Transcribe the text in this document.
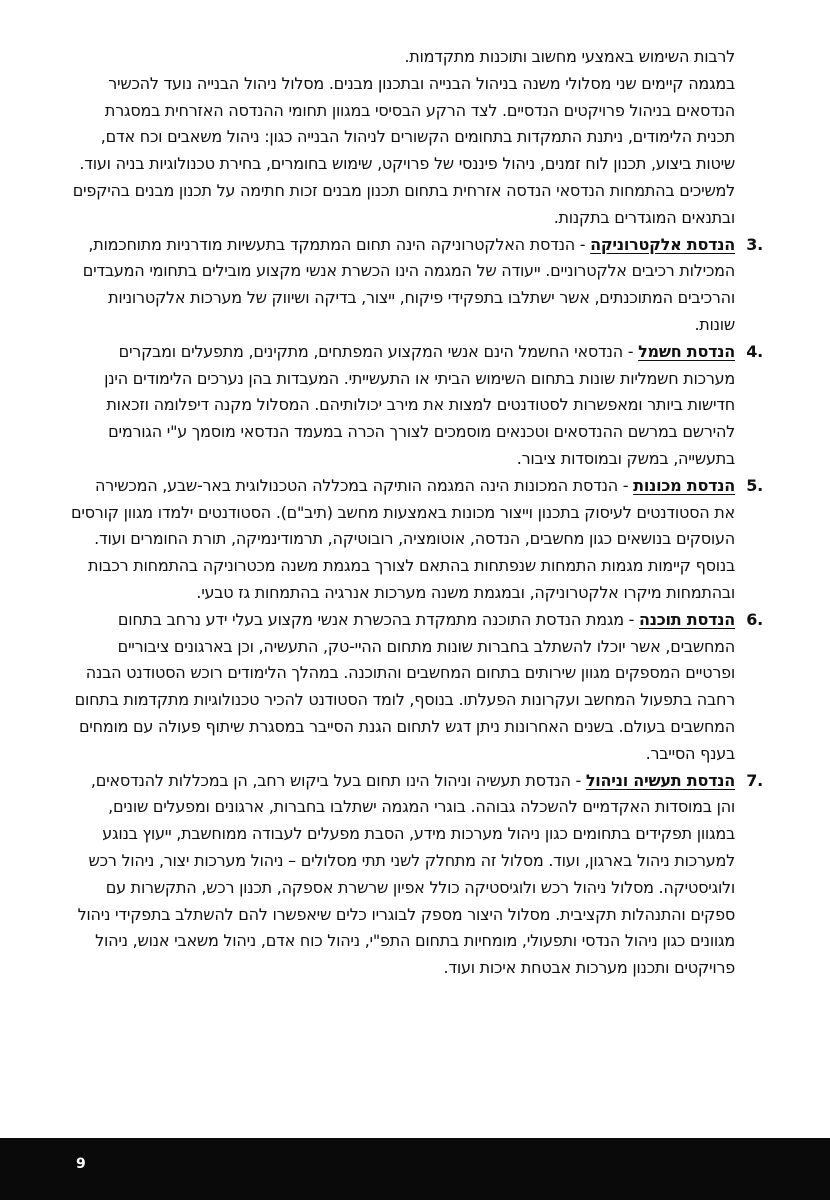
לרבות השימוש באמצעי מחשוב ותוכנות מתקדמות.

במגמה קיימים שני מסלולי משנה בניהול הבנייה ובתכנון מבנים. מסלול ניהול הבנייה נועד להכשיר הנדסאים בניהול פרויקטים הנדסיים. לצד הרקע הבסיסי במגוון תחומי ההנדסה האזרחית במסגרת תכנית הלימודים, ניתנת התמקדות בתחומים הקשורים לניהול הבנייה כגון: ניהול משאבים וכח אדם, שיטות ביצוע, תכנון לוח זמנים, ניהול פיננסי של פרויקט, שימוש בחומרים, בחירת טכנולוגיות בניה ועוד. למשיכים בהתמחות הנדסאי הנדסה אזרחית בתחום תכנון מבנים זכות חתימה על תכנון מבנים בהיקפים ובתנאים המוגדרים בתקנות.

3.
הנדסת אלקטרוניקה - הנדסת האלקטרוניקה הינה תחום המתמקד בתעשיות מודרניות מתוחכמות, המכילות רכיבים אלקטרוניים. ייעודה של המגמה הינו הכשרת אנשי מקצוע מובילים בתחומי המעבדים והרכיבים המתוכנתים, אשר ישתלבו בתפקידי פיקוח, ייצור, בדיקה ושיווק של מערכות אלקטרוניות שונות.
4.
הנדסת חשמל - הנדסאי החשמל הינם אנשי המקצוע המפתחים, מתקינים, מתפעלים ומבקרים מערכות חשמליות שונות בתחום השימוש הביתי או התעשייתי. המעבדות בהן נערכים הלימודים הינן חדישות ביותר ומאפשרות לסטודנטים למצות את מירב יכולותיהם. המסלול מקנה דיפלומה וזכאות להירשם במרשם ההנדסאים וטכנאים מוסמכים לצורך הכרה במעמד הנדסאי מוסמך ע"י הגורמים בתעשייה, במשק ובמוסדות ציבור.
5.
הנדסת מכונות - הנדסת המכונות הינה המגמה הותיקה במכללה הטכנולוגית באר-שבע, המכשירה את הסטודנטים לעיסוק בתכנון וייצור מכונות באמצעות מחשב (תיב"ם). הסטודנטים ילמדו מגוון קורסים העוסקים בנושאים כגון מחשבים, הנדסה, אוטומציה, רובוטיקה, תרמודינמיקה, תורת החומרים ועוד. בנוסף קיימות מגמות התמחות שנפתחות בהתאם לצורך במגמת משנה מכטרוניקה בהתמחות רכבות ובהתמחות מיקרו אלקטרוניקה, ובמגמת משנה מערכות אנרגיה בהתמחות גז טבעי.
6.
הנדסת תוכנה - מגמת הנדסת התוכנה מתמקדת בהכשרת אנשי מקצוע בעלי ידע נרחב בתחום המחשבים, אשר יוכלו להשתלב בחברות שונות מתחום ההיי-טק, התעשיה, וכן בארגונים ציבוריים ופרטיים המספקים מגוון שירותים בתחום המחשבים והתוכנה. במהלך הלימודים רוכש הסטודנט הבנה רחבה בתפעול המחשב ועקרונות הפעלתו. בנוסף, לומד הסטודנט להכיר טכנולוגיות מתקדמות בתחום המחשבים בעולם. בשנים האחרונות ניתן דגש לתחום הגנת הסייבר במסגרת שיתוף פעולה עם מומחים בענף הסייבר.
7.
הנדסת תעשיה וניהול - הנדסת תעשיה וניהול הינו תחום בעל ביקוש רחב, הן במכללות להנדסאים, והן במוסדות האקדמיים להשכלה גבוהה. בוגרי המגמה ישתלבו בחברות, ארגונים ומפעלים שונים, במגוון תפקידים בתחומים כגון ניהול מערכות מידע, הסבת מפעלים לעבודה ממוחשבת, ייעוץ בנוגע למערכות ניהול בארגון, ועוד. מסלול זה מתחלק לשני תתי מסלולים – ניהול מערכות יצור, ניהול רכש ולוגיסטיקה. מסלול ניהול רכש ולוגיסטיקה כולל אפיון שרשרת אספקה, תכנון רכש, התקשרות עם ספקים והתנהלות תקציבית. מסלול היצור מספק לבוגריו כלים שיאפשרו להם להשתלב בתפקידי ניהול מגוונים כגון ניהול הנדסי ותפעולי, מומחיות בתחום התפ"י, ניהול כוח אדם, ניהול משאבי אנוש, ניהול פרויקטים ותכנון מערכות אבטחת איכות ועוד.
9
